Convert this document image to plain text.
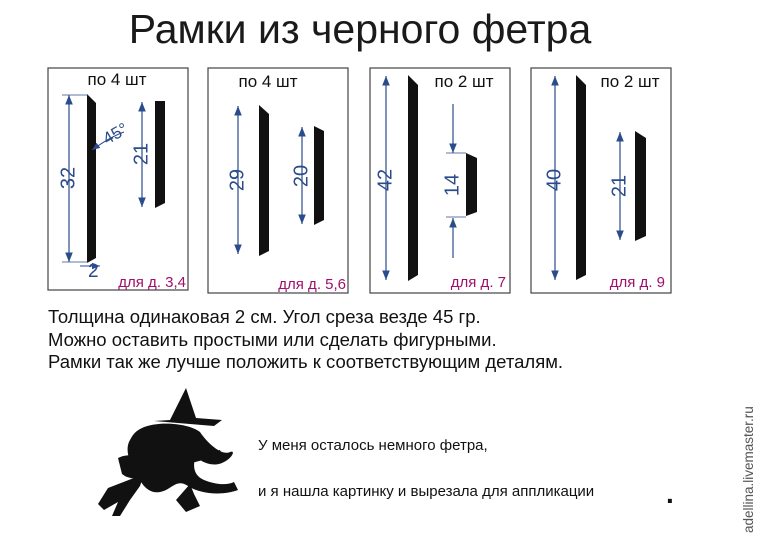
Рамки из черного фетра
по 4 шт
32
21
45°
2
для д. 3,4
по 4 шт
29 20
для д. 5,6
по 2 шт
42 14
для д. 7
по 2 шт
40 21
для д. 9
Толщина одинаковая 2 см. Угол среза везде 45 гр.
Можно оставить простыми или сделать фигурными.
Рамки так же лучше положить к соответствующим деталям.
У меня осталось немного фетра,
и я нашла картинку и вырезала для аппликации	.	adellina.livemaster.ru
